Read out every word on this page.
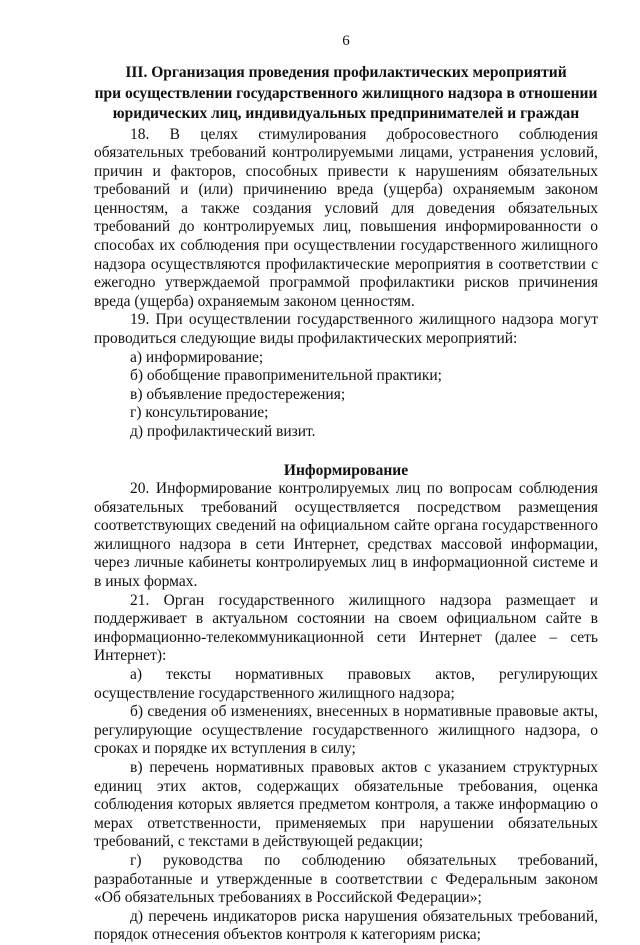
6
III. Организация проведения профилактических мероприятий
при осуществлении государственного жилищного надзора в отношении
юридических лиц, индивидуальных предпринимателей и граждан

18. В целях стимулирования добросовестного соблюдения обязательных требований контролируемыми лицами, устранения условий, причин и факторов, способных привести к нарушениям обязательных требований и (или) причинению вреда (ущерба) охраняемым законом ценностям, а также создания условий для доведения обязательных требований до контролируемых лиц, повышения информированности о способах их соблюдения при осуществлении государственного жилищного надзора осуществляются профилактические мероприятия в соответствии с ежегодно утверждаемой программой профилактики рисков причинения вреда (ущерба) охраняемым законом ценностям.

19. При осуществлении государственного жилищного надзора могут проводиться следующие виды профилактических мероприятий:

а) информирование;

б) обобщение правоприменительной практики;

в) объявление предостережения;

г) консультирование;

д) профилактический визит.

Информирование

20. Информирование контролируемых лиц по вопросам соблюдения обязательных требований осуществляется посредством размещения соответствующих сведений на официальном сайте органа государственного жилищного надзора в сети Интернет, средствах массовой информации, через личные кабинеты контролируемых лиц в информационной системе и в иных формах.

21. Орган государственного жилищного надзора размещает и поддерживает в актуальном состоянии на своем официальном сайте в информационно-телекоммуникационной сети Интернет (далее – сеть Интернет):

а) тексты нормативных правовых актов, регулирующих осуществление государственного жилищного надзора;

б) сведения об изменениях, внесенных в нормативные правовые акты, регулирующие осуществление государственного жилищного надзора, о сроках и порядке их вступления в силу;

в) перечень нормативных правовых актов с указанием структурных единиц этих актов, содержащих обязательные требования, оценка соблюдения которых является предметом контроля, а также информацию о мерах ответственности, применяемых при нарушении обязательных требований, с текстами в действующей редакции;

г) руководства по соблюдению обязательных требований, разработанные и утвержденные в соответствии с Федеральным законом «Об обязательных требованиях в Российской Федерации»;

д) перечень индикаторов риска нарушения обязательных требований, порядок отнесения объектов контроля к категориям риска;
